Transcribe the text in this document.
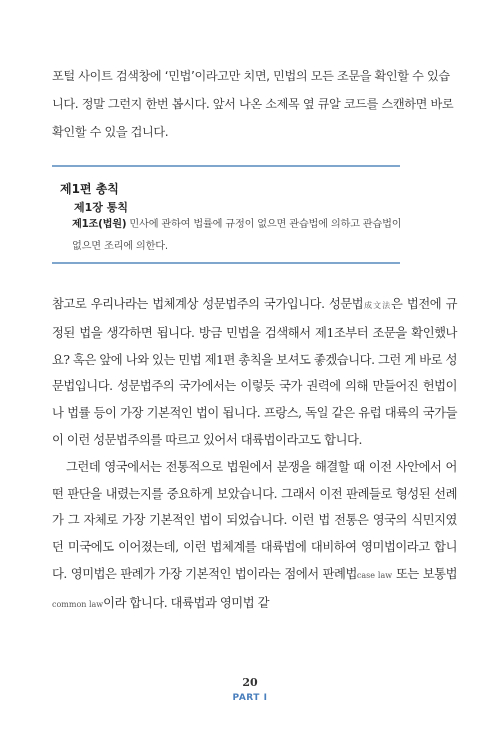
포털 사이트 검색창에 ‘민법’이라고만 치면, 민법의 모든 조문을 확인할 수 있습니다. 정말 그런지 한번 봅시다. 앞서 나온 소제목 옆 큐알 코드를 스캔하면 바로 확인할 수 있을 겁니다.

제1편 총칙
제1장 통칙
제1조(법원) 민사에 관하여 법률에 규정이 없으면 관습법에 의하고 관습법이 없으면 조리에 의한다.

참고로 우리나라는 법체계상 성문법주의 국가입니다. 성문법成文法은 법전에 규정된 법을 생각하면 됩니다. 방금 민법을 검색해서 제1조부터 조문을 확인했나요? 혹은 앞에 나와 있는 민법 제1편 총칙을 보셔도 좋겠습니다. 그런 게 바로 성문법입니다. 성문법주의 국가에서는 이렇듯 국가 권력에 의해 만들어진 헌법이나 법률 등이 가장 기본적인 법이 됩니다. 프랑스, 독일 같은 유럽 대륙의 국가들이 이런 성문법주의를 따르고 있어서 대륙법이라고도 합니다.

그런데 영국에서는 전통적으로 법원에서 분쟁을 해결할 때 이전 사안에서 어떤 판단을 내렸는지를 중요하게 보았습니다. 그래서 이전 판례들로 형성된 선례가 그 자체로 가장 기본적인 법이 되었습니다. 이런 법 전통은 영국의 식민지였던 미국에도 이어졌는데, 이런 법체계를 대륙법에 대비하여 영미법이라고 합니다. 영미법은 판례가 가장 기본적인 법이라는 점에서 판례법case law 또는 보통법common law이라 합니다. 대륙법과 영미법 같

20
PART I
